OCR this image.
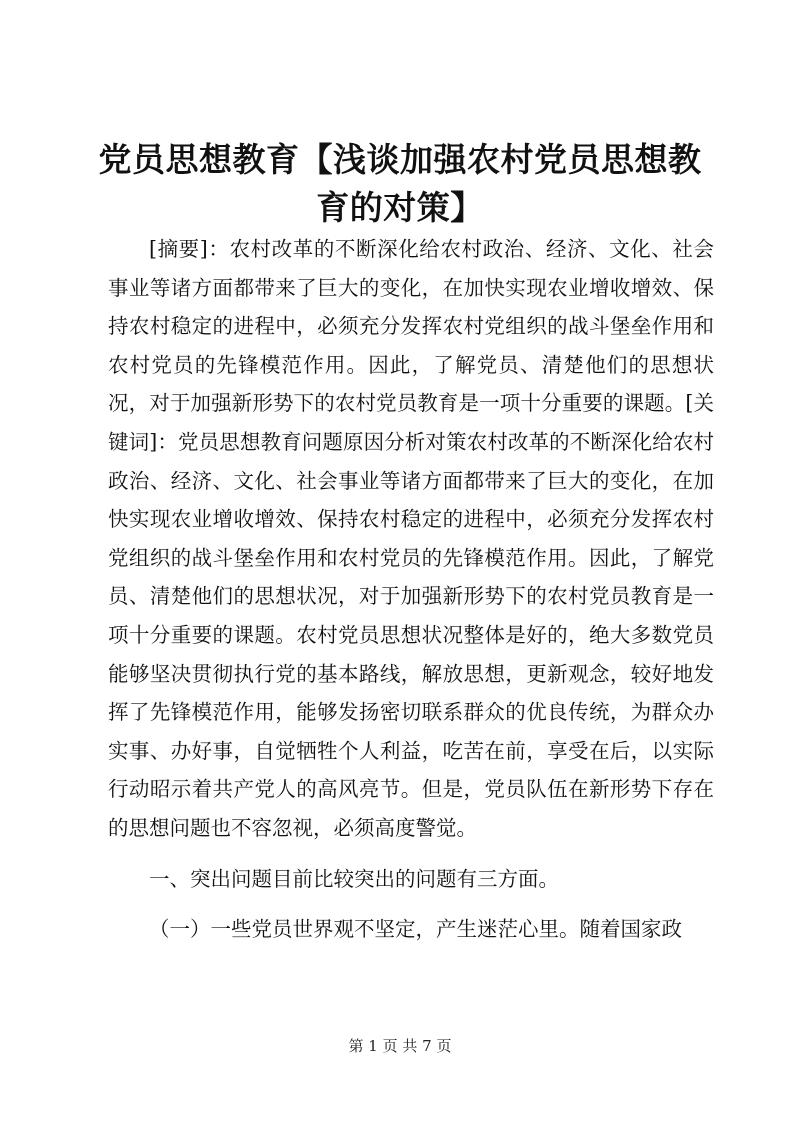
党员思想教育【浅谈加强农村党员思想教育的对策】

[摘要]：农村改革的不断深化给农村政治、经济、文化、社会事业等诸方面都带来了巨大的变化，在加快实现农业增收增效、保持农村稳定的进程中，必须充分发挥农村党组织的战斗堡垒作用和农村党员的先锋模范作用。因此，了解党员、清楚他们的思想状况，对于加强新形势下的农村党员教育是一项十分重要的课题。[关键词]：党员思想教育问题原因分析对策农村改革的不断深化给农村政治、经济、文化、社会事业等诸方面都带来了巨大的变化，在加快实现农业增收增效、保持农村稳定的进程中，必须充分发挥农村党组织的战斗堡垒作用和农村党员的先锋模范作用。因此，了解党员、清楚他们的思想状况，对于加强新形势下的农村党员教育是一项十分重要的课题。农村党员思想状况整体是好的，绝大多数党员能够坚决贯彻执行党的基本路线，解放思想，更新观念，较好地发挥了先锋模范作用，能够发扬密切联系群众的优良传统，为群众办实事、办好事，自觉牺牲个人利益，吃苦在前，享受在后，以实际行动昭示着共产党人的高风亮节。但是，党员队伍在新形势下存在的思想问题也不容忽视，必须高度警觉。

一、突出问题目前比较突出的问题有三方面。

（一）一些党员世界观不坚定，产生迷茫心里。随着国家政

第 1 页 共 7 页
